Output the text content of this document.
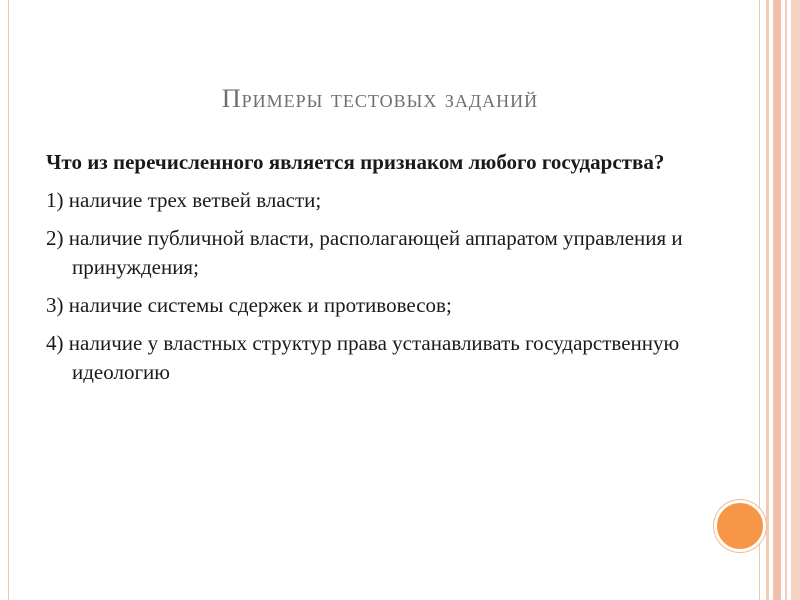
Примеры тестовых заданий
Что из перечисленного является признаком любого государства?
1) наличие трех ветвей власти;
2) наличие публичной власти, располагающей аппаратом управления и принуждения;
3) наличие системы сдержек и противовесов;
4) наличие у властных структур права устанавливать государственную идеологию
